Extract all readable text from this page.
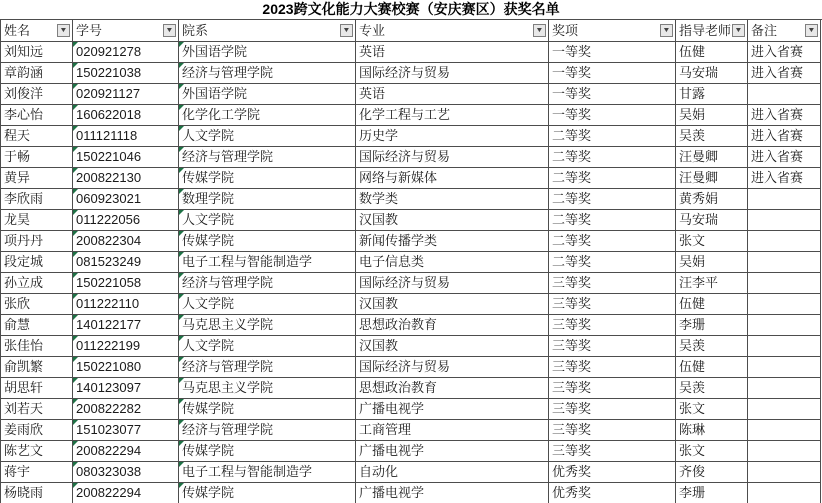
2023跨文化能力大赛校赛（安庆赛区）获奖名单
姓名	▼ 学号	▼ 院系	▼ 专业	▼ 奖项	▼ 指导老师 ▼ 备注	▼
刘知远	020921278	外国语学院	英语	一等奖	伍健	进入省赛
章韵涵	150221038	经济与管理学院	国际经济与贸易	一等奖	马安瑞	进入省赛
刘俊洋	020921127	外国语学院	英语	一等奖	甘露
李心怡	160622018	化学化工学院	化学工程与工艺	一等奖	吴娟	进入省赛
程天	011121118	人文学院	历史学	二等奖	吴羡	进入省赛
于畅	150221046	经济与管理学院	国际经济与贸易	二等奖	汪曼卿	进入省赛
黄异	200822130	传媒学院	网络与新媒体	二等奖	汪曼卿	进入省赛
李欣雨	060923021	数理学院	数学类	二等奖	黄秀娟
龙昊	011222056	人文学院	汉国教	二等奖	马安瑞
项丹丹	200822304	传媒学院	新闻传播学类	二等奖	张文
段定城	081523249	电子工程与智能制造学	电子信息类	二等奖	吴娟
孙立成	150221058	经济与管理学院	国际经济与贸易	三等奖	汪李平
张欣	011222110	人文学院	汉国教	三等奖	伍健
俞慧	140122177	马克思主义学院	思想政治教育	三等奖	李珊
张佳怡	011222199	人文学院	汉国教	三等奖	吴羡
俞凯繁	150221080	经济与管理学院	国际经济与贸易	三等奖	伍健
胡思轩	140123097	马克思主义学院	思想政治教育	三等奖	吴羡
刘若天	200822282	传媒学院	广播电视学	三等奖	张文
姜雨欣	151023077	经济与管理学院	工商管理	三等奖	陈琳
陈艺文	200822294	传媒学院	广播电视学	三等奖	张文
蒋宇	080323038	电子工程与智能制造学	自动化	优秀奖	齐俊
杨晓雨	200822294	传媒学院	广播电视学	优秀奖	李珊
